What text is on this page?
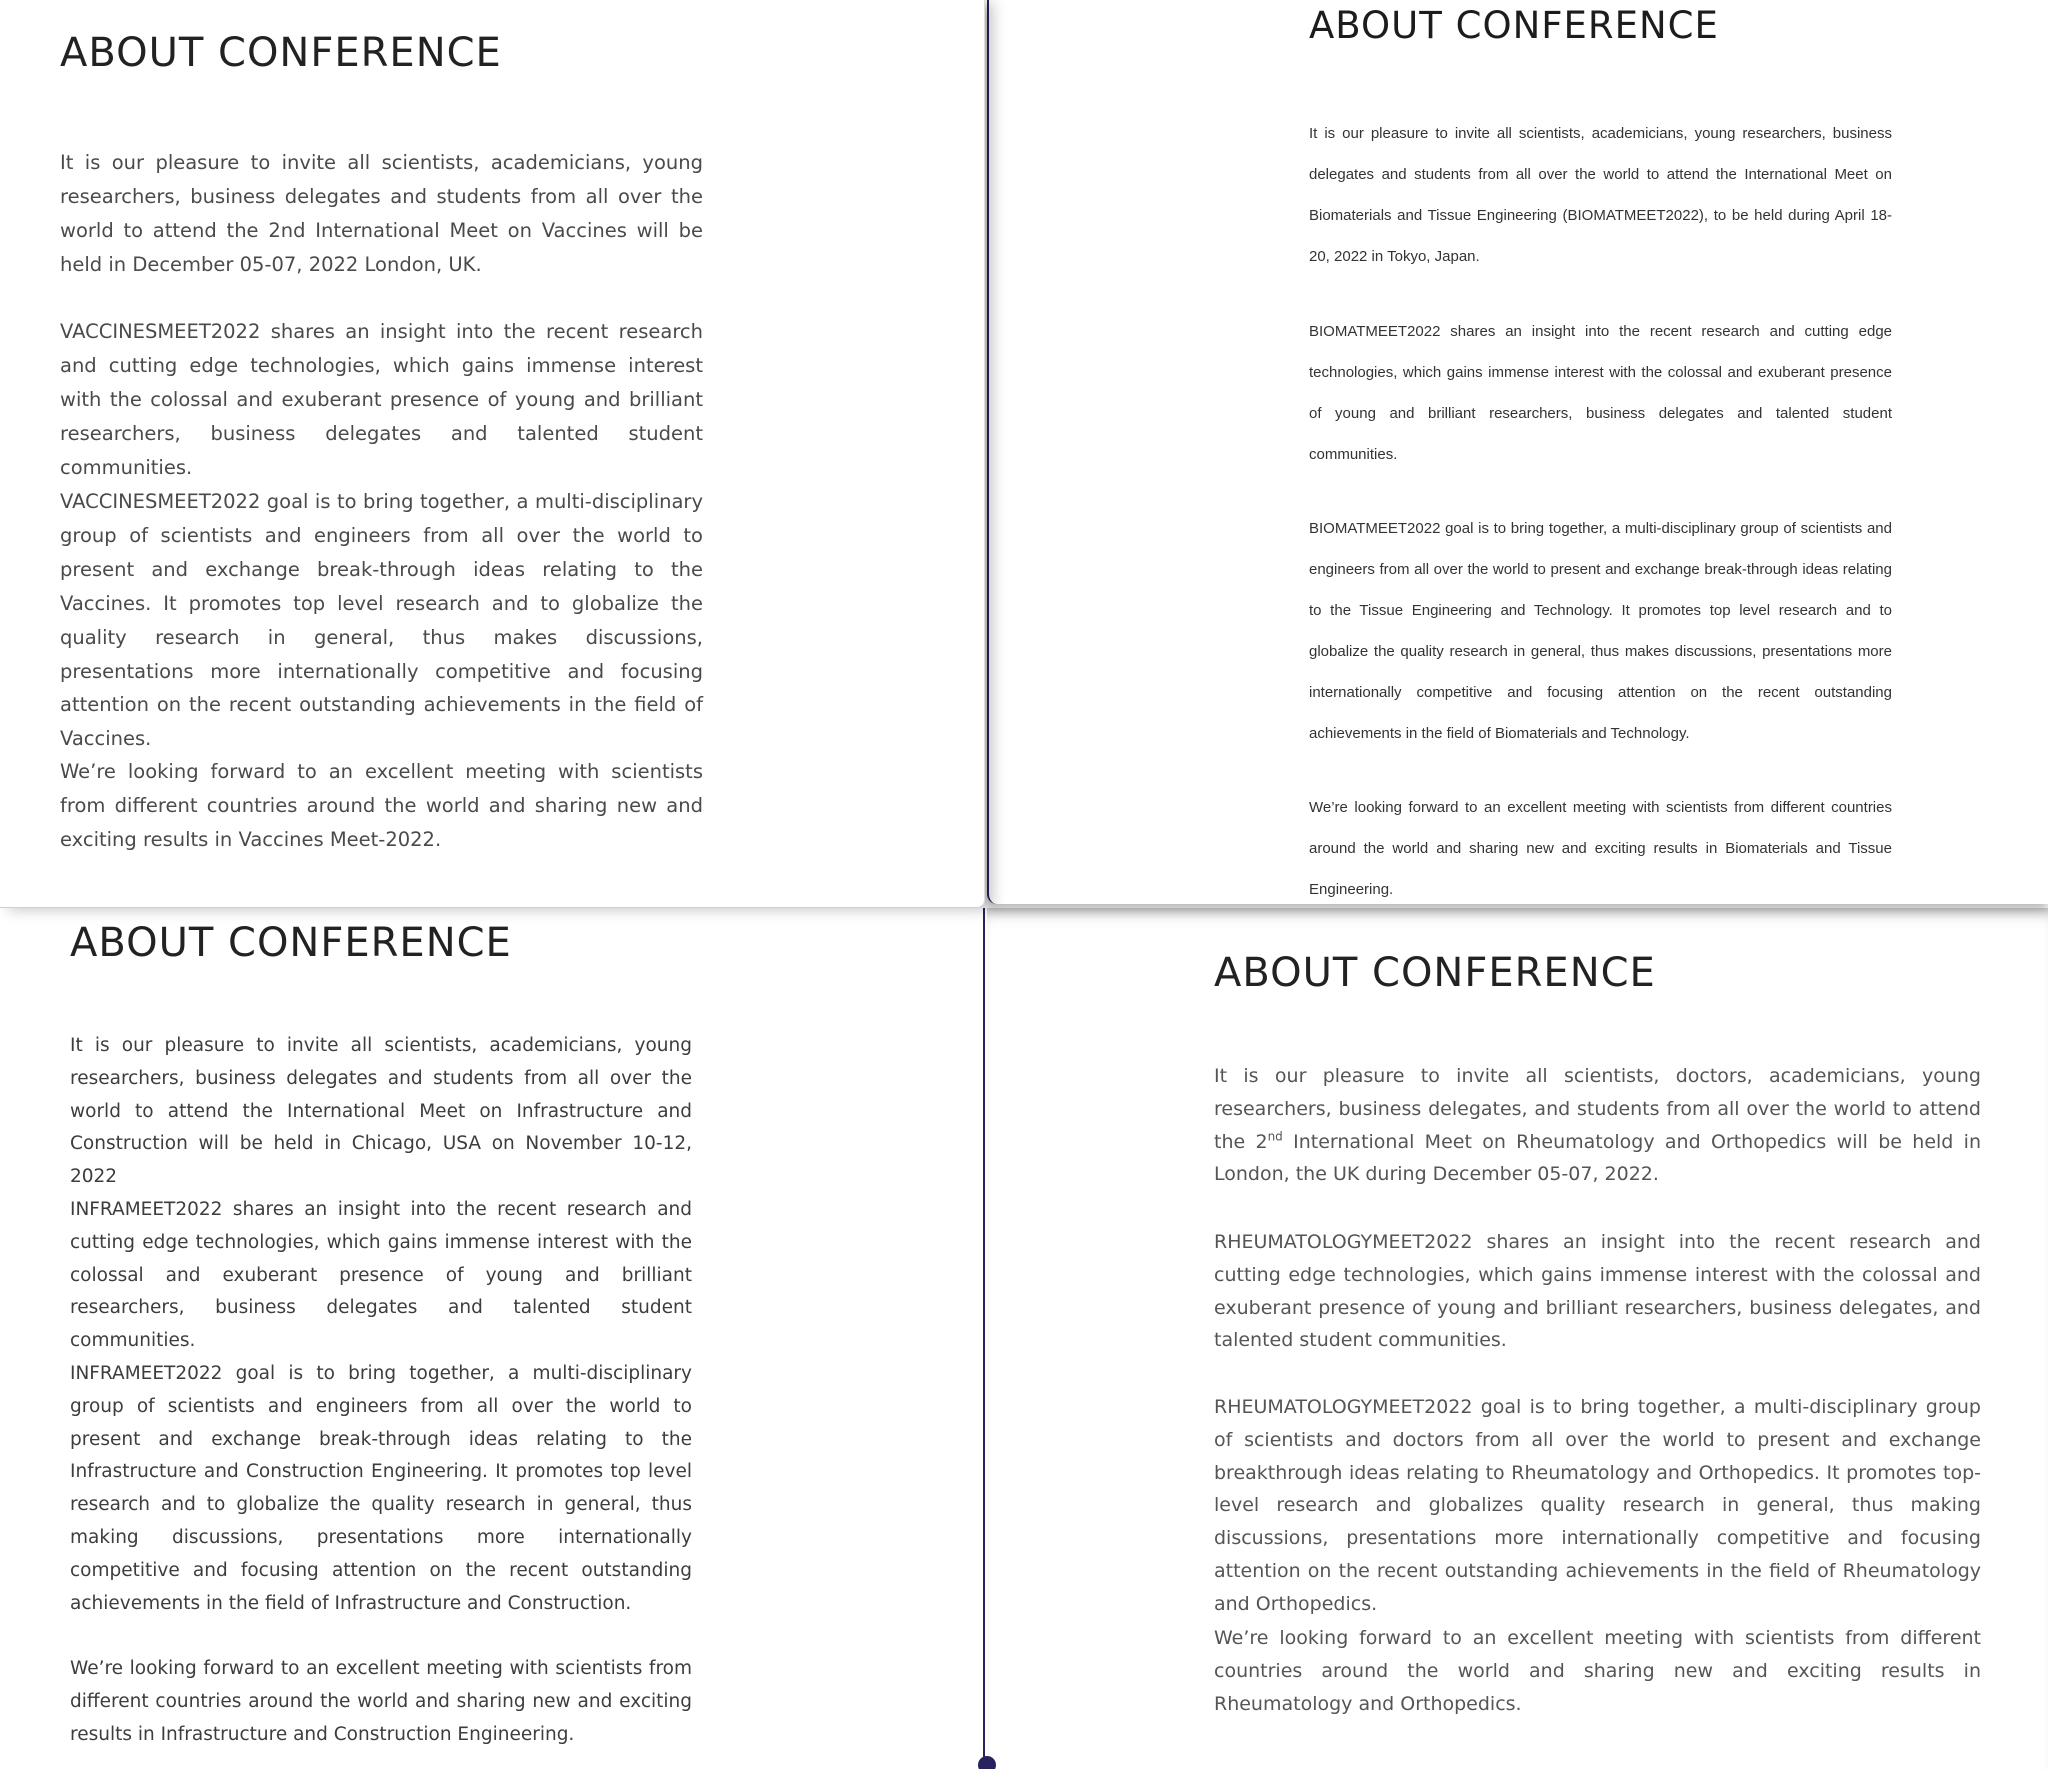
ABOUT CONFERENCE

It is our pleasure to invite all scientists, academicians, young researchers, business delegates and students from all over the world to attend the 2nd International Meet on Vaccines will be held in December 05-07, 2022 London, UK.

VACCINESMEET2022 shares an insight into the recent research and cutting edge technologies, which gains immense interest with the colossal and exuberant presence of young and brilliant researchers, business delegates and talented student communities.

VACCINESMEET2022 goal is to bring together, a multi-disciplinary group of scientists and engineers from all over the world to present and exchange break-through ideas relating to the Vaccines. It promotes top level research and to globalize the quality research in general, thus makes discussions, presentations more internationally competitive and focusing attention on the recent outstanding achievements in the field of Vaccines.

We’re looking forward to an excellent meeting with scientists from different countries around the world and sharing new and exciting results in Vaccines Meet-2022.

ABOUT CONFERENCE

It is our pleasure to invite all scientists, academicians, young researchers, business delegates and students from all over the world to attend the International Meet on Biomaterials and Tissue Engineering (BIOMATMEET2022), to be held during April 18-20, 2022 in Tokyo, Japan.

BIOMATMEET2022 shares an insight into the recent research and cutting edge technologies, which gains immense interest with the colossal and exuberant presence of young and brilliant researchers, business delegates and talented student communities.

BIOMATMEET2022 goal is to bring together, a multi-disciplinary group of scientists and engineers from all over the world to present and exchange break-through ideas relating to the Tissue Engineering and Technology. It promotes top level research and to globalize the quality research in general, thus makes discussions, presentations more internationally competitive and focusing attention on the recent outstanding achievements in the field of Biomaterials and Technology.

We’re looking forward to an excellent meeting with scientists from different countries around the world and sharing new and exciting results in Biomaterials and Tissue Engineering.

ABOUT CONFERENCE

It is our pleasure to invite all scientists, academicians, young researchers, business delegates and students from all over the world to attend the International Meet on Infrastructure and Construction will be held in Chicago, USA on November 10-12, 2022

INFRAMEET2022 shares an insight into the recent research and cutting edge technologies, which gains immense interest with the colossal and exuberant presence of young and brilliant researchers, business delegates and talented student communities.

INFRAMEET2022 goal is to bring together, a multi-disciplinary group of scientists and engineers from all over the world to present and exchange break-through ideas relating to the Infrastructure and Construction Engineering. It promotes top level research and to globalize the quality research in general, thus making discussions, presentations more internationally competitive and focusing attention on the recent outstanding achievements in the field of Infrastructure and Construction.

We’re looking forward to an excellent meeting with scientists from different countries around the world and sharing new and exciting results in Infrastructure and Construction Engineering.

ABOUT CONFERENCE

It is our pleasure to invite all scientists, doctors, academicians, young researchers, business delegates, and students from all over the world to attend the 2nd International Meet on Rheumatology and Orthopedics will be held in London, the UK during December 05-07, 2022.

RHEUMATOLOGYMEET2022 shares an insight into the recent research and cutting edge technologies, which gains immense interest with the colossal and exuberant presence of young and brilliant researchers, business delegates, and talented student communities.

RHEUMATOLOGYMEET2022 goal is to bring together, a multi-disciplinary group of scientists and doctors from all over the world to present and exchange breakthrough ideas relating to Rheumatology and Orthopedics. It promotes top-level research and globalizes quality research in general, thus making discussions, presentations more internationally competitive and focusing attention on the recent outstanding achievements in the field of Rheumatology and Orthopedics.

We’re looking forward to an excellent meeting with scientists from different countries around the world and sharing new and exciting results in Rheumatology and Orthopedics.
